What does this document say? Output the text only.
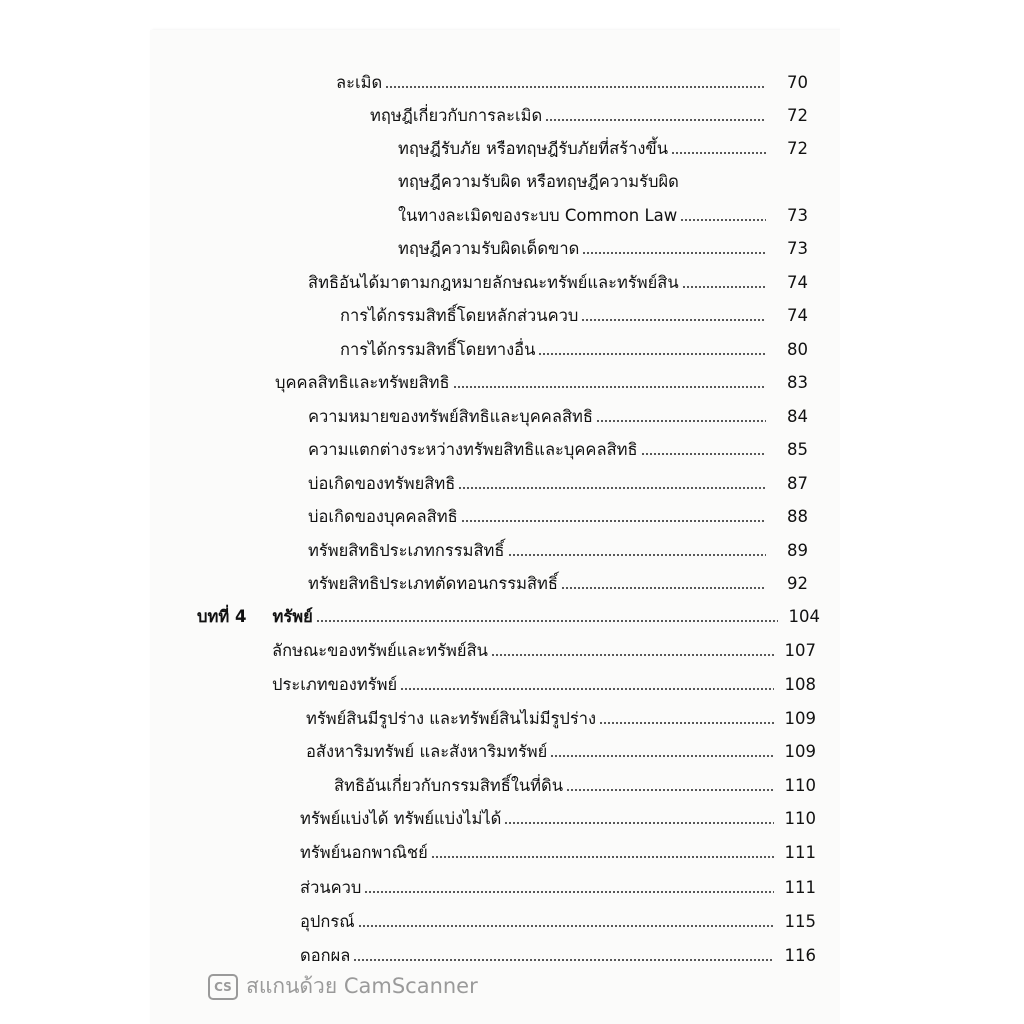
ละเมิด	70
ทฤษฎีเกี่ยวกับการละเมิด	72
ทฤษฎีรับภัย หรือทฤษฎีรับภัยที่สร้างขึ้น	72
ทฤษฎีความรับผิด หรือทฤษฎีความรับผิด
ในทางละเมิดของระบบ Common Law	73
ทฤษฎีความรับผิดเด็ดขาด	73
สิทธิอันได้มาตามกฎหมายลักษณะทรัพย์และทรัพย์สิน	74
การได้กรรมสิทธิ์โดยหลักส่วนควบ	74
การได้กรรมสิทธิ์โดยทางอื่น	80
บุคคลสิทธิและทรัพยสิทธิ	83
ความหมายของทรัพย์สิทธิและบุคคลสิทธิ	84
ความแตกต่างระหว่างทรัพยสิทธิและบุคคลสิทธิ	85
บ่อเกิดของทรัพยสิทธิ	87
บ่อเกิดของบุคคลสิทธิ	88
ทรัพยสิทธิประเภทกรรมสิทธิ์	89
ทรัพยสิทธิประเภทตัดทอนกรรมสิทธิ์	92
บทที่ 4 ทรัพย์	104
ลักษณะของทรัพย์และทรัพย์สิน	107
ประเภทของทรัพย์	108
ทรัพย์สินมีรูปร่าง และทรัพย์สินไม่มีรูปร่าง	109
อสังหาริมทรัพย์ และสังหาริมทรัพย์	109
สิทธิอันเกี่ยวกับกรรมสิทธิ์ในที่ดิน	110
ทรัพย์แบ่งได้ ทรัพย์แบ่งไม่ได้	110
ทรัพย์นอกพาณิชย์	111
ส่วนควบ	111
อุปกรณ์	115
ดอกผล	116
CS สแกนด้วย CamScanner
